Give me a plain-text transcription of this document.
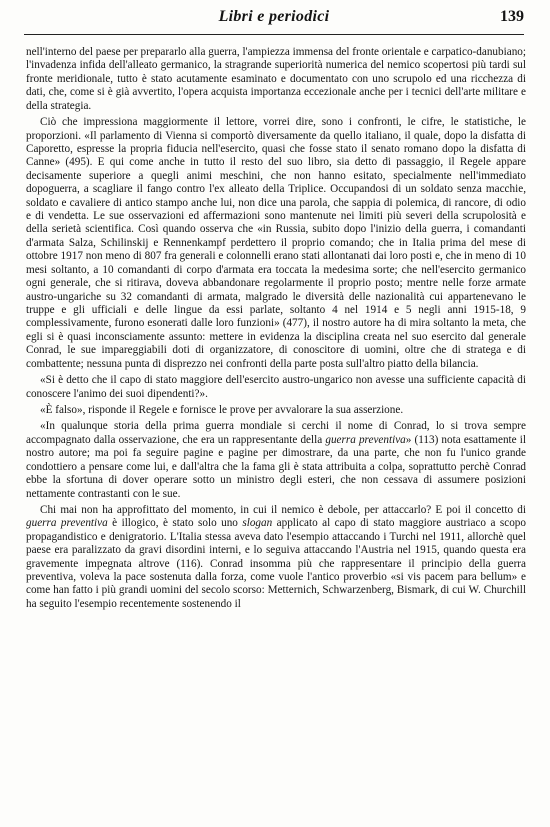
Libri e periodici	139

nell'interno del paese per prepararlo alla guerra, l'ampiezza immensa del fronte orientale e carpatico-danubiano; l'invadenza infida dell'alleato germanico, la stragrande superiorità numerica del nemico scopertosi più tardi sul fronte meridionale, tutto è stato acutamente esaminato e documentato con uno scrupolo ed una ricchezza di dati, che, come si è già avvertito, l'opera acquista importanza eccezionale anche per i tecnici dell'arte militare e della strategia.

Ciò che impressiona maggiormente il lettore, vorrei dire, sono i confronti, le cifre, le statistiche, le proporzioni. «Il parlamento di Vienna si comportò diversamente da quello italiano, il quale, dopo la disfatta di Caporetto, espresse la propria fiducia nell'esercito, quasi che fosse stato il senato romano dopo la disfatta di Canne» (495). E qui come anche in tutto il resto del suo libro, sia detto di passaggio, il Regele appare decisamente superiore a quegli animi meschini, che non hanno esitato, specialmente nell'immediato dopoguerra, a scagliare il fango contro l'ex alleato della Triplice. Occupandosi di un soldato senza macchie, soldato e cavaliere di antico stampo anche lui, non dice una parola, che sappia di polemica, di rancore, di odio e di vendetta. Le sue osservazioni ed affermazioni sono mantenute nei limiti più severi della scrupolosità e della serietà scientifica. Così quando osserva che «in Russia, subito dopo l'inizio della guerra, i comandanti d'armata Salza, Schilinskij e Rennenkampf perdettero il proprio comando; che in Italia prima del mese di ottobre 1917 non meno di 807 fra generali e colonnelli erano stati allontanati dai loro posti e, che in meno di 10 mesi soltanto, a 10 comandanti di corpo d'armata era toccata la medesima sorte; che nell'esercito germanico ogni generale, che si ritirava, doveva abbandonare regolarmente il proprio posto; mentre nelle forze armate austro-ungariche su 32 comandanti di armata, malgrado le diversità delle nazionalità cui appartenevano le truppe e gli ufficiali e delle lingue da essi parlate, soltanto 4 nel 1914 e 5 negli anni 1915-18, 9 complessivamente, furono esonerati dalle loro funzioni» (477), il nostro autore ha di mira soltanto la meta, che egli si è quasi inconsciamente assunto: mettere in evidenza la disciplina creata nel suo esercito dal generale Conrad, le sue impareggiabili doti di organizzatore, di conoscitore di uomini, oltre che di stratega e di combattente; nessuna punta di disprezzo nei confronti della parte posta sull'altro piatto della bilancia.

«Si è detto che il capo di stato maggiore dell'esercito austro-ungarico non avesse una sufficiente capacità di conoscere l'animo dei suoi dipendenti?».

«È falso», risponde il Regele e fornisce le prove per avvalorare la sua asserzione.

«In qualunque storia della prima guerra mondiale si cerchi il nome di Conrad, lo si trova sempre accompagnato dalla osservazione, che era un rappresentante della guerra preventiva» (113) nota esattamente il nostro autore; ma poi fa seguire pagine e pagine per dimostrare, da una parte, che non fu l'unico grande condottiero a pensare come lui, e dall'altra che la fama gli è stata attribuita a colpa, soprattutto perchè Conrad ebbe la sfortuna di dover operare sotto un ministro degli esteri, che non cessava di assumere posizioni nettamente contrastanti con le sue.

Chi mai non ha approfittato del momento, in cui il nemico è debole, per attaccarlo? E poi il concetto di guerra preventiva è illogico, è stato solo uno slogan applicato al capo di stato maggiore austriaco a scopo propagandistico e denigratorio. L'Italia stessa aveva dato l'esempio attaccando i Turchi nel 1911, allorchè quel paese era paralizzato da gravi disordini interni, e lo seguiva attaccando l'Austria nel 1915, quando questa era gravemente impegnata altrove (116). Conrad insomma più che rappresentare il principio della guerra preventiva, voleva la pace sostenuta dalla forza, come vuole l'antico proverbio «si vis pacem para bellum» e come han fatto i più grandi uomini del secolo scorso: Metternich, Schwarzenberg, Bismark, di cui W. Churchill ha seguito l'esempio recentemente sostenendo il
